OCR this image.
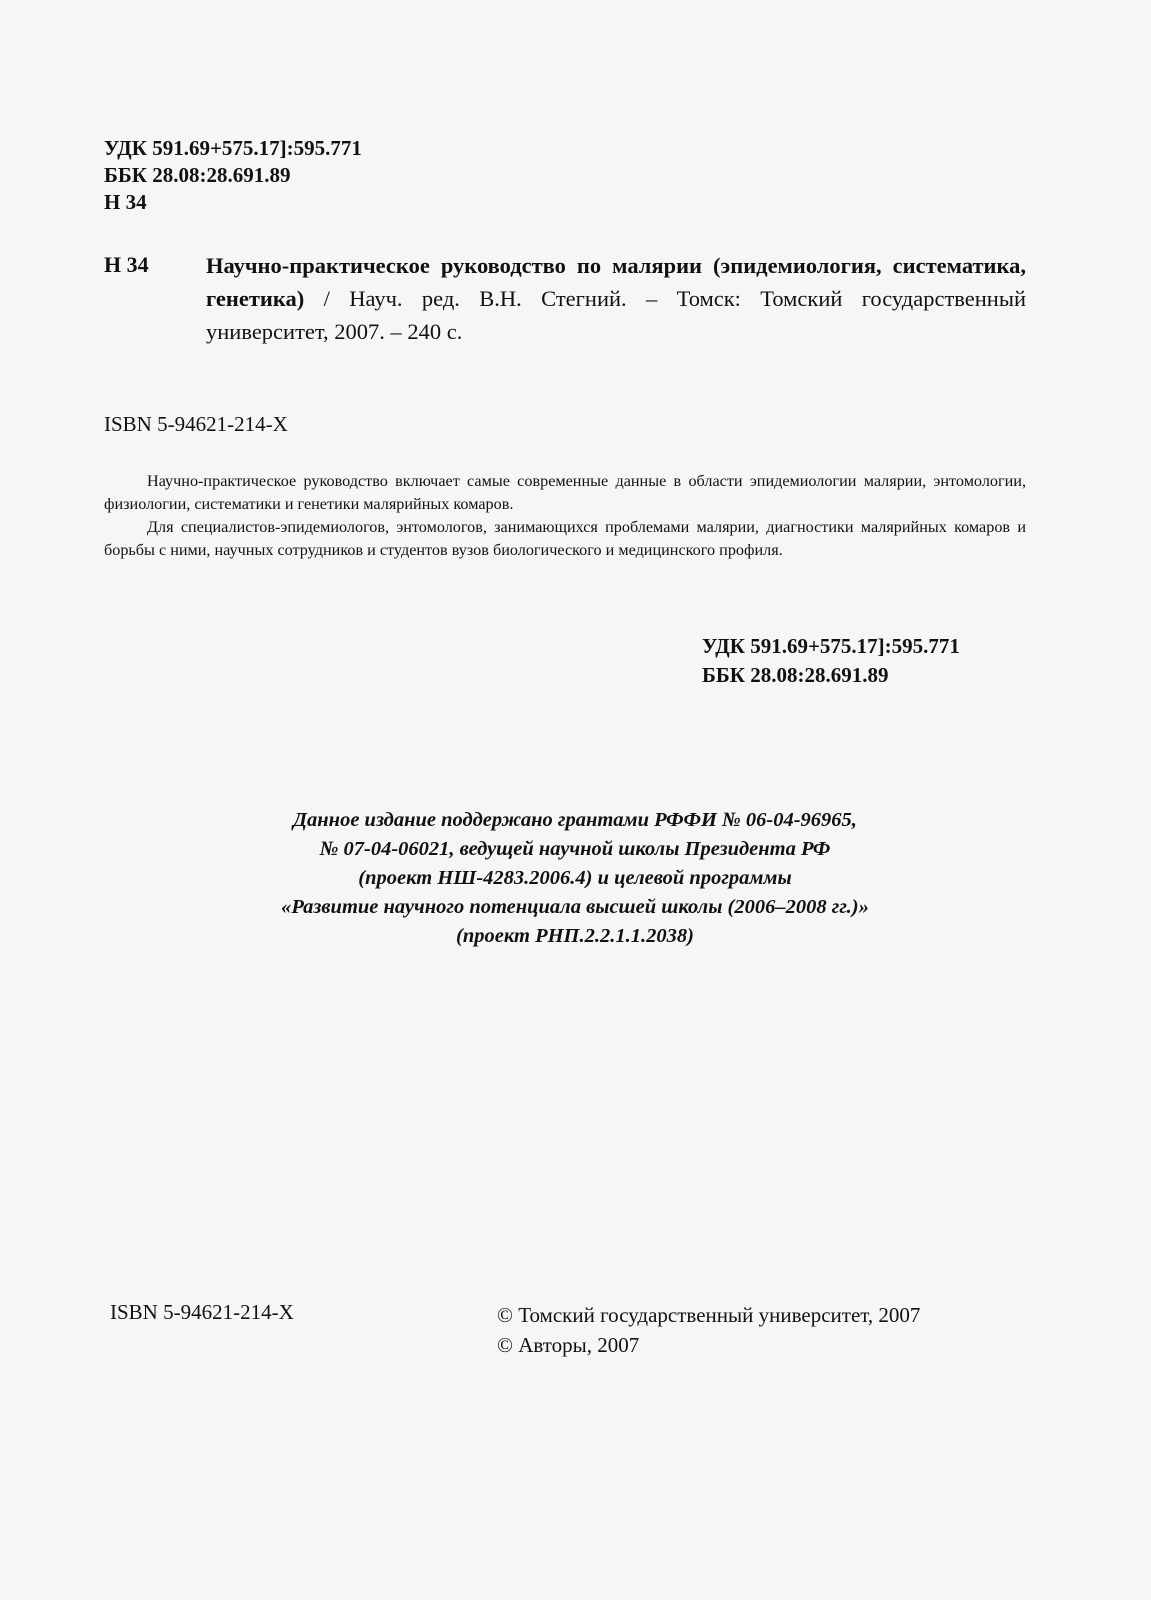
УДК 591.69+575.17]:595.771
ББК 28.08:28.691.89
Н 34
Н 34	Научно-практическое руководство по малярии (эпидемиология, систематика, генетика) / Науч. ред. В.Н. Стегний. – Томск: Томский государственный университет, 2007. – 240 с.
ISBN 5-94621-214-X

Научно-практическое руководство включает самые современные данные в области эпидемиологии малярии, энтомологии, физиологии, систематики и генетики малярийных комаров.

Для специалистов-эпидемиологов, энтомологов, занимающихся проблемами малярии, диагностики малярийных комаров и борьбы с ними, научных сотрудников и студентов вузов биологического и медицинского профиля.

УДК 591.69+575.17]:595.771
ББК 28.08:28.691.89
Данное издание поддержано грантами РФФИ № 06-04-96965,
№ 07-04-06021, ведущей научной школы Президента РФ
(проект НШ-4283.2006.4) и целевой программы
«Развитие научного потенциала высшей школы (2006–2008 гг.)»
(проект РНП.2.2.1.1.2038)
ISBN 5-94621-214-X	© Томский государственный университет, 2007
© Авторы, 2007
